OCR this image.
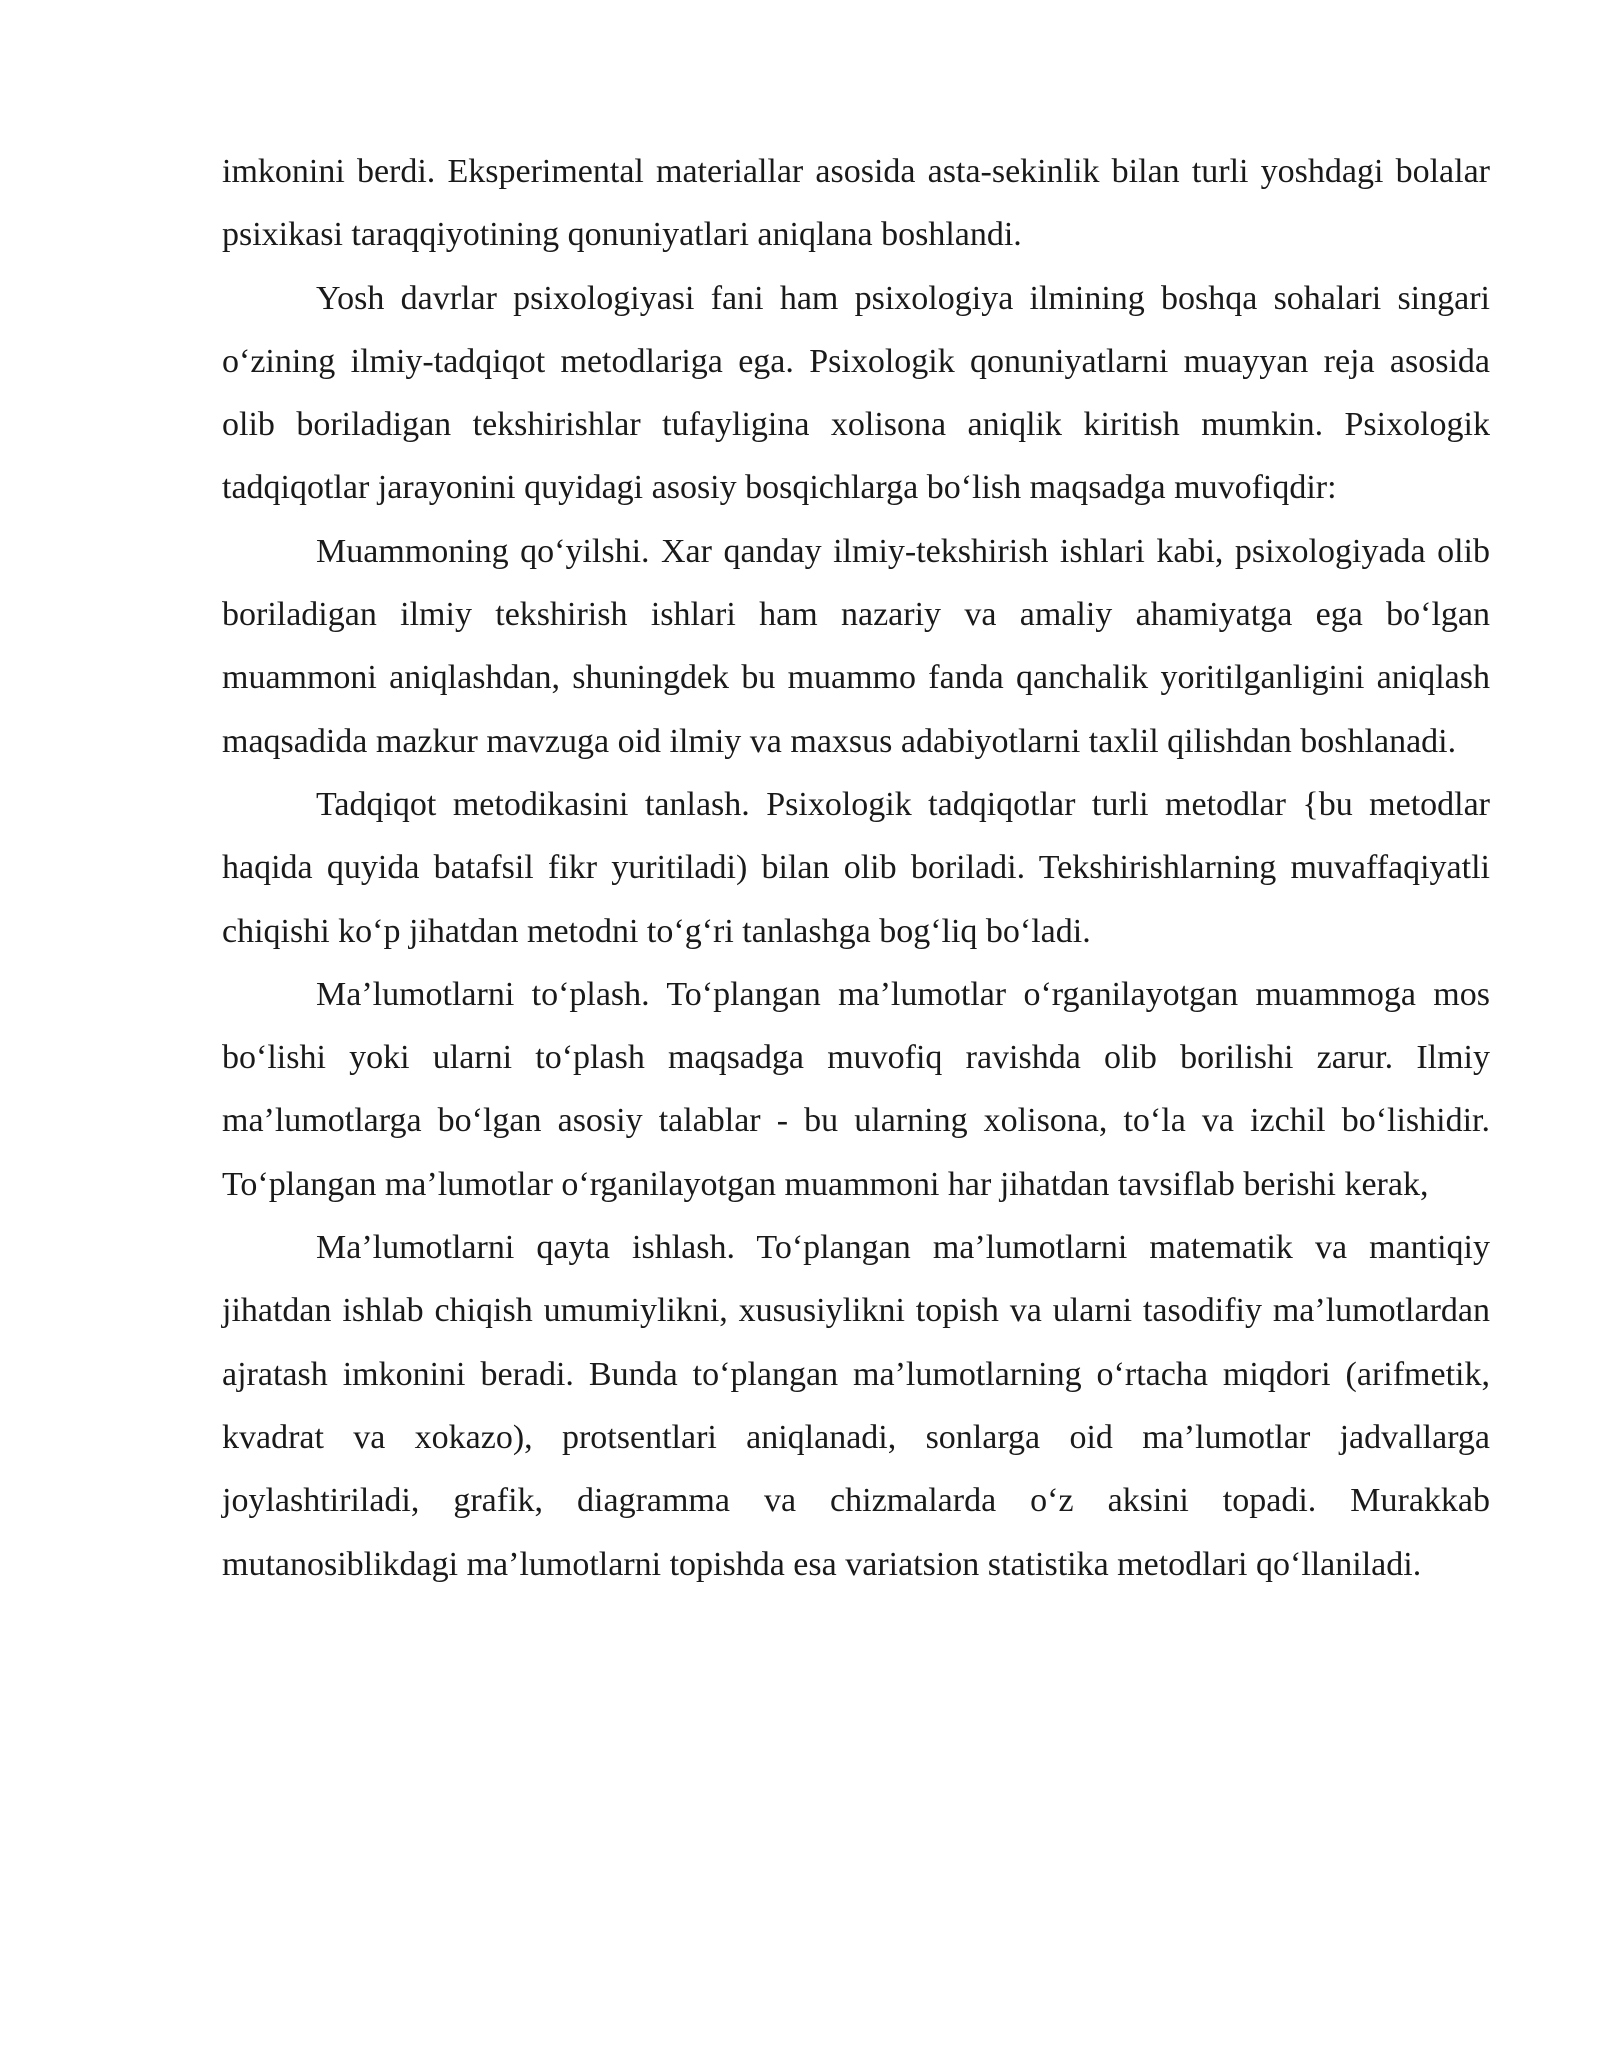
imkonini berdi. Eksperimental materiallar asosida asta-sekinlik bilan turli yoshdagi bolalar psixikasi taraqqiyotining qonuniyatlari aniqlana boshlandi.

Yosh davrlar psixologiyasi fani ham psixologiya ilmining boshqa sohalari singari o‘zining ilmiy-tadqiqot metodlariga ega. Psixologik qonuniyatlarni muayyan reja asosida olib boriladigan tekshirishlar tufayligina xolisona aniqlik kiritish mumkin. Psixologik tadqiqotlar jarayonini quyidagi asosiy bosqichlarga bo‘lish maqsadga muvofiqdir:

Muammoning qo‘yilshi. Xar qanday ilmiy-tekshirish ishlari kabi, psixologiyada olib boriladigan ilmiy tekshirish ishlari ham nazariy va amaliy ahamiyatga ega bo‘lgan muammoni aniqlashdan, shuningdek bu muammo fanda qanchalik yoritilganligini aniqlash maqsadida mazkur mavzuga oid ilmiy va maxsus adabiyotlarni taxlil qilishdan boshlanadi.

Tadqiqot metodikasini tanlash. Psixologik tadqiqotlar turli metodlar {bu metodlar haqida quyida batafsil fikr yuritiladi) bilan olib boriladi. Tekshirishlarning muvaffaqiyatli chiqishi ko‘p jihatdan metodni to‘g‘ri tanlashga bog‘liq bo‘ladi.

Ma’lumotlarni to‘plash. To‘plangan ma’lumotlar o‘rganilayotgan muammoga mos bo‘lishi yoki ularni to‘plash maqsadga muvofiq ravishda olib borilishi zarur. Ilmiy ma’lumotlarga bo‘lgan asosiy talablar - bu ularning xolisona, to‘la va izchil bo‘lishidir. To‘plangan ma’lumotlar o‘rganilayotgan muammoni har jihatdan tavsiflab berishi kerak,

Ma’lumotlarni qayta ishlash. To‘plangan ma’lumotlarni matematik va mantiqiy jihatdan ishlab chiqish umumiylikni, xususiylikni topish va ularni tasodifiy ma’lumotlardan ajratash imkonini beradi. Bunda to‘plangan ma’lumotlarning o‘rtacha miqdori (arifmetik, kvadrat va xokazo), protsentlari aniqlanadi, sonlarga oid ma’lumotlar jadvallarga joylashtiriladi, grafik, diagramma va chizmalarda o‘z aksini topadi. Murakkab mutanosiblikdagi ma’lumotlarni topishda esa variatsion statistika metodlari qo‘llaniladi.
